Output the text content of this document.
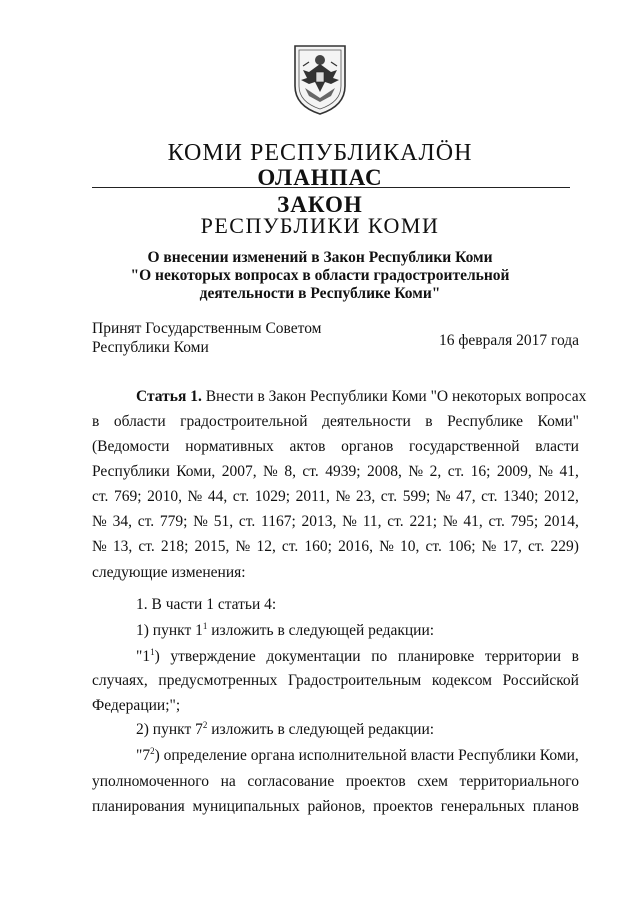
КОМИ РЕСПУБЛИКАЛӦН
ОЛАНПАС
ЗАКОН
РЕСПУБЛИКИ КОМИ
О внесении изменений в Закон Республики Коми
"О некоторых вопросах в области градостроительной
деятельности в Республике Коми"
Принят Государственным Советом
Республики Коми	16 февраля 2017 года
Статья 1. Внести в Закон Республики Коми "О некоторых вопросах
в области градостроительной деятельности в Республике Коми"
(Ведомости нормативных актов органов государственной власти
Республики Коми, 2007, № 8, ст. 4939; 2008, № 2, ст. 16; 2009, № 41,
ст. 769; 2010, № 44, ст. 1029; 2011, № 23, ст. 599; № 47, ст. 1340; 2012,
№ 34, ст. 779; № 51, ст. 1167; 2013, № 11, ст. 221; № 41, ст. 795; 2014,
№ 13, ст. 218; 2015, № 12, ст. 160; 2016, № 10, ст. 106; № 17, ст. 229)
следующие изменения:
1. В части 1 статьи 4:
1) пункт $1^1$ изложить в следующей редакции:
"$1^1$) утверждение документации по планировке территории в
случаях, предусмотренных Градостроительным кодексом Российской
Федерации;";
2) пункт $7^2$ изложить в следующей редакции:
"$7^2$) определение органа исполнительной власти Республики Коми,
уполномоченного на согласование проектов схем территориального
планирования муниципальных районов, проектов генеральных планов
